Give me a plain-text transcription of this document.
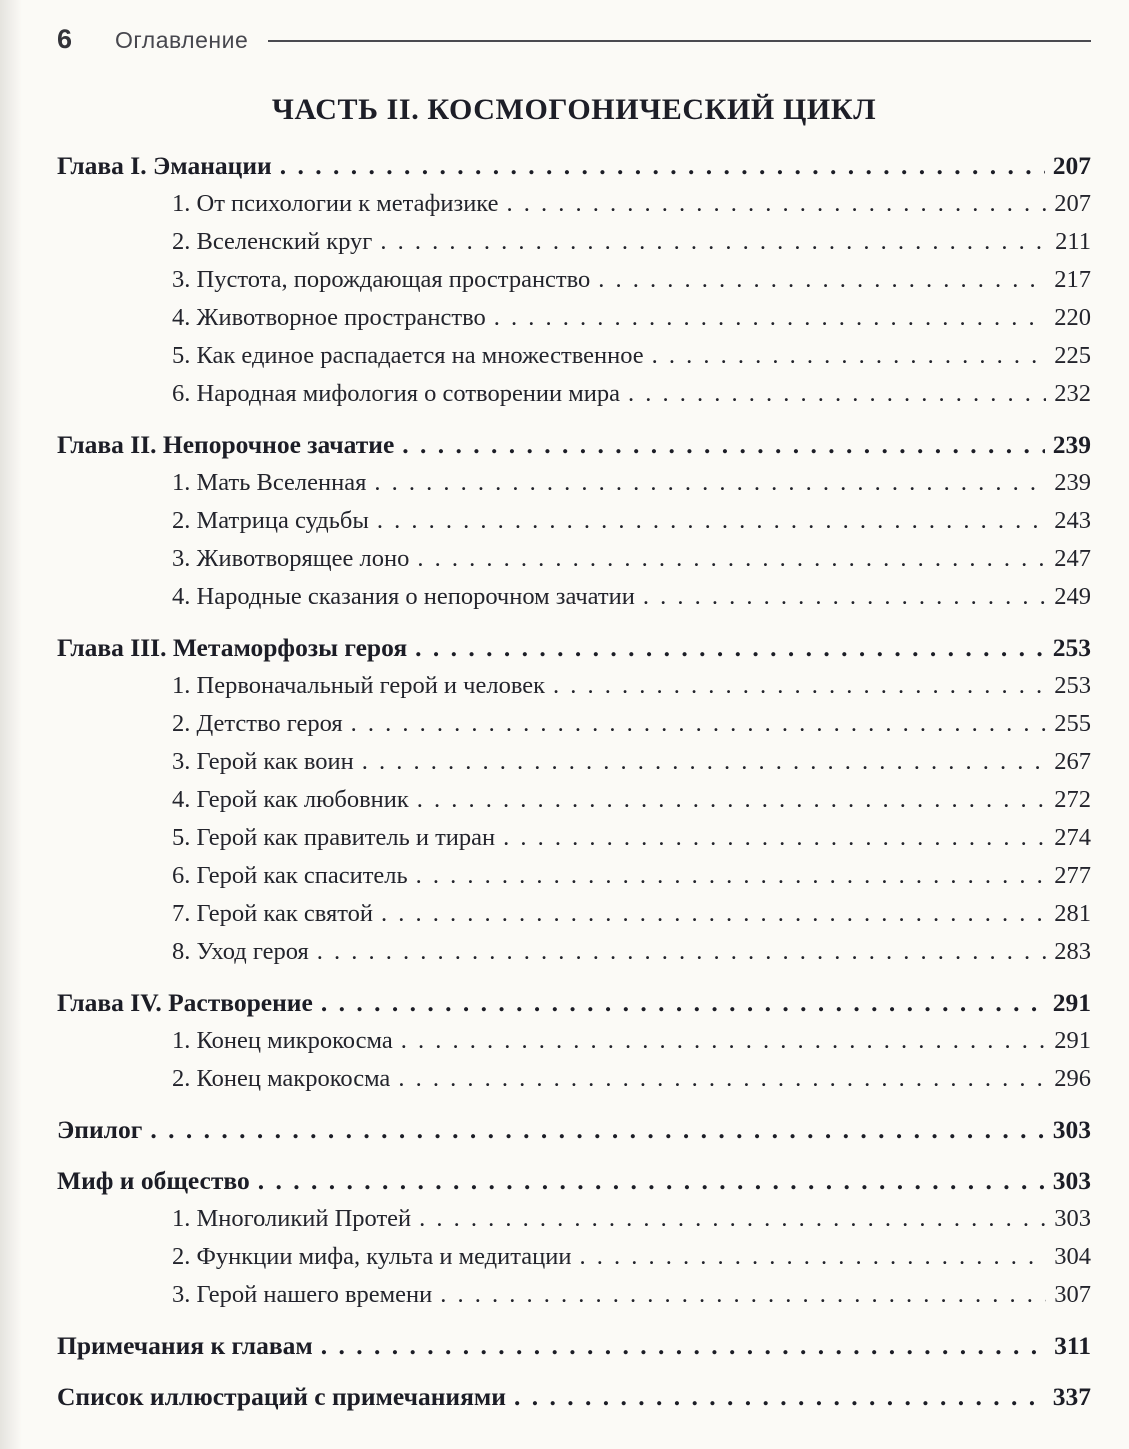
6	Оглавление
ЧАСТЬ II. КОСМОГОНИЧЕСКИЙ ЦИКЛ
Глава I. Эманации . . .	207
1. От психологии к метафизике . . .	207
2. Вселенский круг . . .	211
3. Пустота, порождающая пространство . . .	217
4. Животворное пространство . . .	220
5. Как единое распадается на множественное . . .	225
6. Народная мифология о сотворении мира . . .	232
Глава II. Непорочное зачатие . . .	239
1. Мать Вселенная . . .	239
2. Матрица судьбы . . .	243
3. Животворящее лоно . . .	247
4. Народные сказания о непорочном зачатии . . .	249
Глава III. Метаморфозы героя . . .	253
1. Первоначальный герой и человек . . .	253
2. Детство героя . . .	255
3. Герой как воин . . .	267
4. Герой как любовник . . .	272
5. Герой как правитель и тиран . . .	274
6. Герой как спаситель . . .	277
7. Герой как святой . . .	281
8. Уход героя . . .	283
Глава IV. Растворение . . .	291
1. Конец микрокосма . . .	291
2. Конец макрокосма . . .	296
Эпилог . . .	303
Миф и общество . . .	303
1. Многоликий Протей . . .	303
2. Функции мифа, культа и медитации . . .	304
3. Герой нашего времени . . .	307
Примечания к главам . . .	311
Список иллюстраций с примечаниями . . .	337
